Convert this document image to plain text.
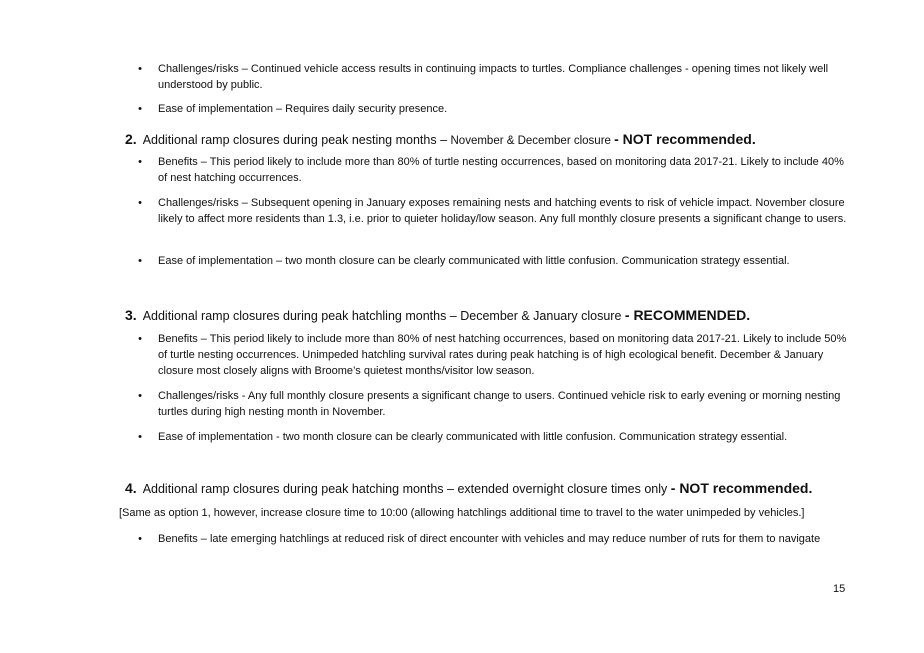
• Challenges/risks – Continued vehicle access results in continuing impacts to turtles. Compliance challenges - opening times not likely well understood by public.
• Ease of implementation – Requires daily security presence.
2. Additional ramp closures during peak nesting months – November & December closure - NOT recommended.
• Benefits – This period likely to include more than 80% of turtle nesting occurrences, based on monitoring data 2017-21. Likely to include 40% of nest hatching occurrences.
• Challenges/risks – Subsequent opening in January exposes remaining nests and hatching events to risk of vehicle impact. November closure likely to affect more residents than 1.3, i.e. prior to quieter holiday/low season. Any full monthly closure presents a significant change to users.
• Ease of implementation – two month closure can be clearly communicated with little confusion. Communication strategy essential.
3. Additional ramp closures during peak hatchling months – December & January closure - RECOMMENDED.
• Benefits – This period likely to include more than 80% of nest hatching occurrences, based on monitoring data 2017-21. Likely to include 50% of turtle nesting occurrences. Unimpeded hatchling survival rates during peak hatching is of high ecological benefit. December & January closure most closely aligns with Broome’s quietest months/visitor low season.
• Challenges/risks - Any full monthly closure presents a significant change to users. Continued vehicle risk to early evening or morning nesting turtles during high nesting month in November.
• Ease of implementation - two month closure can be clearly communicated with little confusion. Communication strategy essential.
4. Additional ramp closures during peak hatching months – extended overnight closure times only - NOT recommended.
[Same as option 1, however, increase closure time to 10:00 (allowing hatchlings additional time to travel to the water unimpeded by vehicles.]
• Benefits – late emerging hatchlings at reduced risk of direct encounter with vehicles and may reduce number of ruts for them to navigate
15
